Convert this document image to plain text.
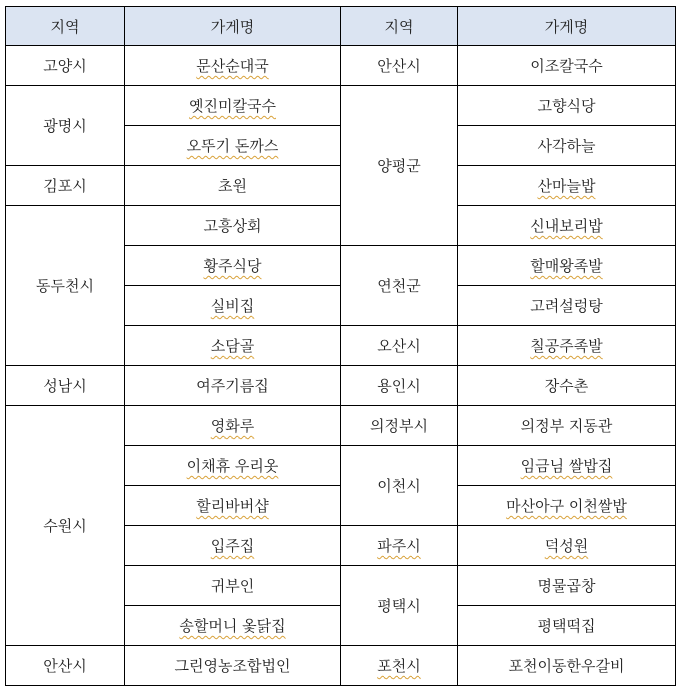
지역	가게명	지역	가게명
고양시	문산순대국	안산시	이조칼국수
광명시	옛진미칼국수	양평군	고향식당
	오뚜기 돈까스		사각하늘
김포시	초원		산마늘밥
동두천시	고흥상회		신내보리밥
	황주식당	연천군	할매왕족발
	실비집		고려설렁탕
	소담골	오산시	칠공주족발
성남시	여주기름집	용인시	장수촌
수원시	영화루	의정부시	의정부 지동관
	이채휴 우리옷	이천시	임금님 쌀밥집
	할리바버샵		마산아구 이천쌀밥
	입주집	파주시	덕성원
	귀부인	평택시	명물곱창
	송할머니 옻닭집		평택떡집
안산시	그린영농조합법인	포천시	포천이동한우갈비
